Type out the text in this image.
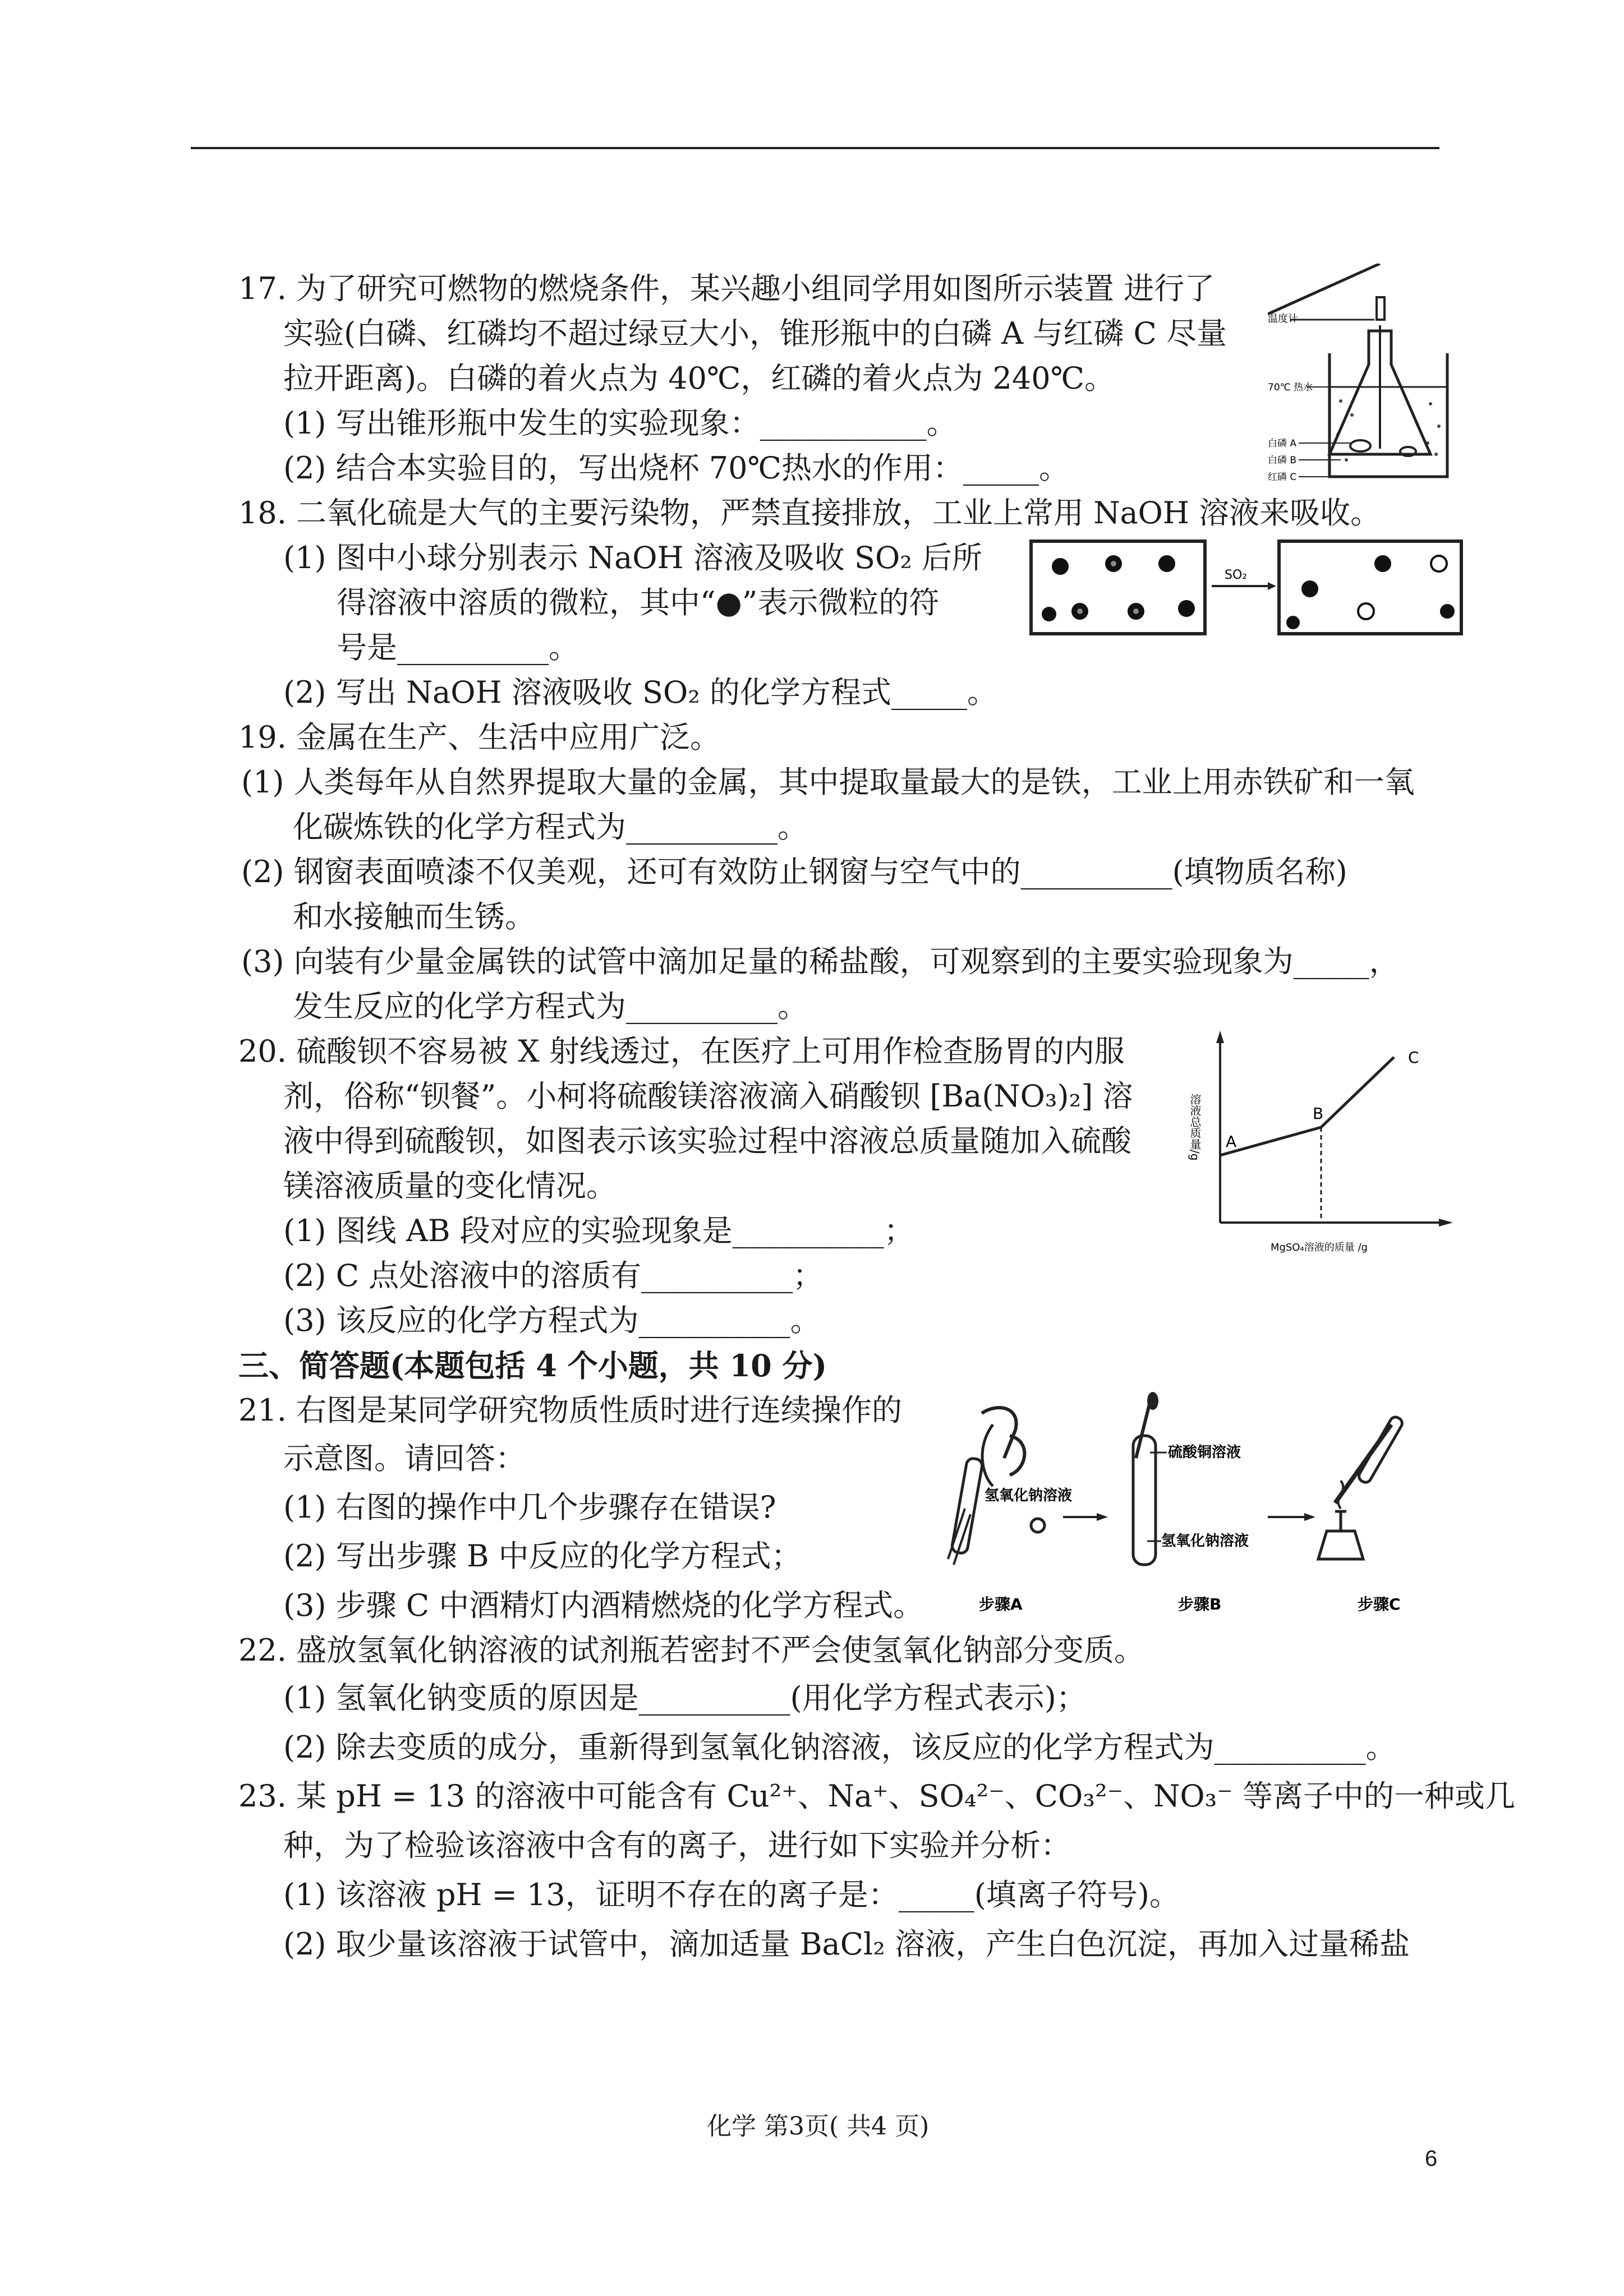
17. 为了研究可燃物的燃烧条件，某兴趣小组同学用如图所示装置 进行了
实验(白磷、红磷均不超过绿豆大小，锥形瓶中的白磷 A 与红磷 C 尽量
拉开距离)。白磷的着火点为 40℃，红磷的着火点为 240℃。
(1) 写出锥形瓶中发生的实验现象：___________。
(2) 结合本实验目的，写出烧杯 70℃热水的作用：_____。
温度计
70℃ 热水
白磷 A
白磷 B
红磷 C
18. 二氧化硫是大气的主要污染物，严禁直接排放，工业上常用 NaOH 溶液来吸收。
(1) 图中小球分别表示 NaOH 溶液及吸收 SO₂ 后所
得溶液中溶质的微粒，其中“●”表示微粒的符
号是__________。
(2) 写出 NaOH 溶液吸收 SO₂ 的化学方程式_____。
SO₂
19. 金属在生产、生活中应用广泛。
(1) 人类每年从自然界提取大量的金属，其中提取量最大的是铁，工业上用赤铁矿和一氧
化碳炼铁的化学方程式为__________。
(2) 钢窗表面喷漆不仅美观，还可有效防止钢窗与空气中的__________(填物质名称)
和水接触而生锈。
(3) 向装有少量金属铁的试管中滴加足量的稀盐酸，可观察到的主要实验现象为_____，
发生反应的化学方程式为__________。
20. 硫酸钡不容易被 X 射线透过，在医疗上可用作检查肠胃的内服
剂，俗称“钡餐”。小柯将硫酸镁溶液滴入硝酸钡 [Ba(NO₃)₂] 溶
液中得到硫酸钡，如图表示该实验过程中溶液总质量随加入硫酸
镁溶液质量的变化情况。
(1) 图线 AB 段对应的实验现象是__________；
(2) C 点处溶液中的溶质有__________；
(3) 该反应的化学方程式为__________。
溶液总质量/g A
B
C
MgSO₄溶液的质量 /g
三、简答题(本题包括 4 个小题，共 10 分)
21. 右图是某同学研究物质性质时进行连续操作的
示意图。请回答：
(1) 右图的操作中几个步骤存在错误?
(2) 写出步骤 B 中反应的化学方程式；
(3) 步骤 C 中酒精灯内酒精燃烧的化学方程式。
氢氧化钠溶液
硫酸铜溶液
氢氧化钠溶液
步骤A	步骤B	步骤C
22. 盛放氢氧化钠溶液的试剂瓶若密封不严会使氢氧化钠部分变质。
(1) 氢氧化钠变质的原因是__________(用化学方程式表示)；
(2) 除去变质的成分，重新得到氢氧化钠溶液，该反应的化学方程式为__________。
23. 某 pH = 13 的溶液中可能含有 Cu²⁺、Na⁺、SO₄²⁻、CO₃²⁻、NO₃⁻ 等离子中的一种或几
种，为了检验该溶液中含有的离子，进行如下实验并分析：
(1) 该溶液 pH = 13，证明不存在的离子是：_____(填离子符号)。
(2) 取少量该溶液于试管中，滴加适量 BaCl₂ 溶液，产生白色沉淀，再加入过量稀盐
化学 第3页( 共4 页)
6
